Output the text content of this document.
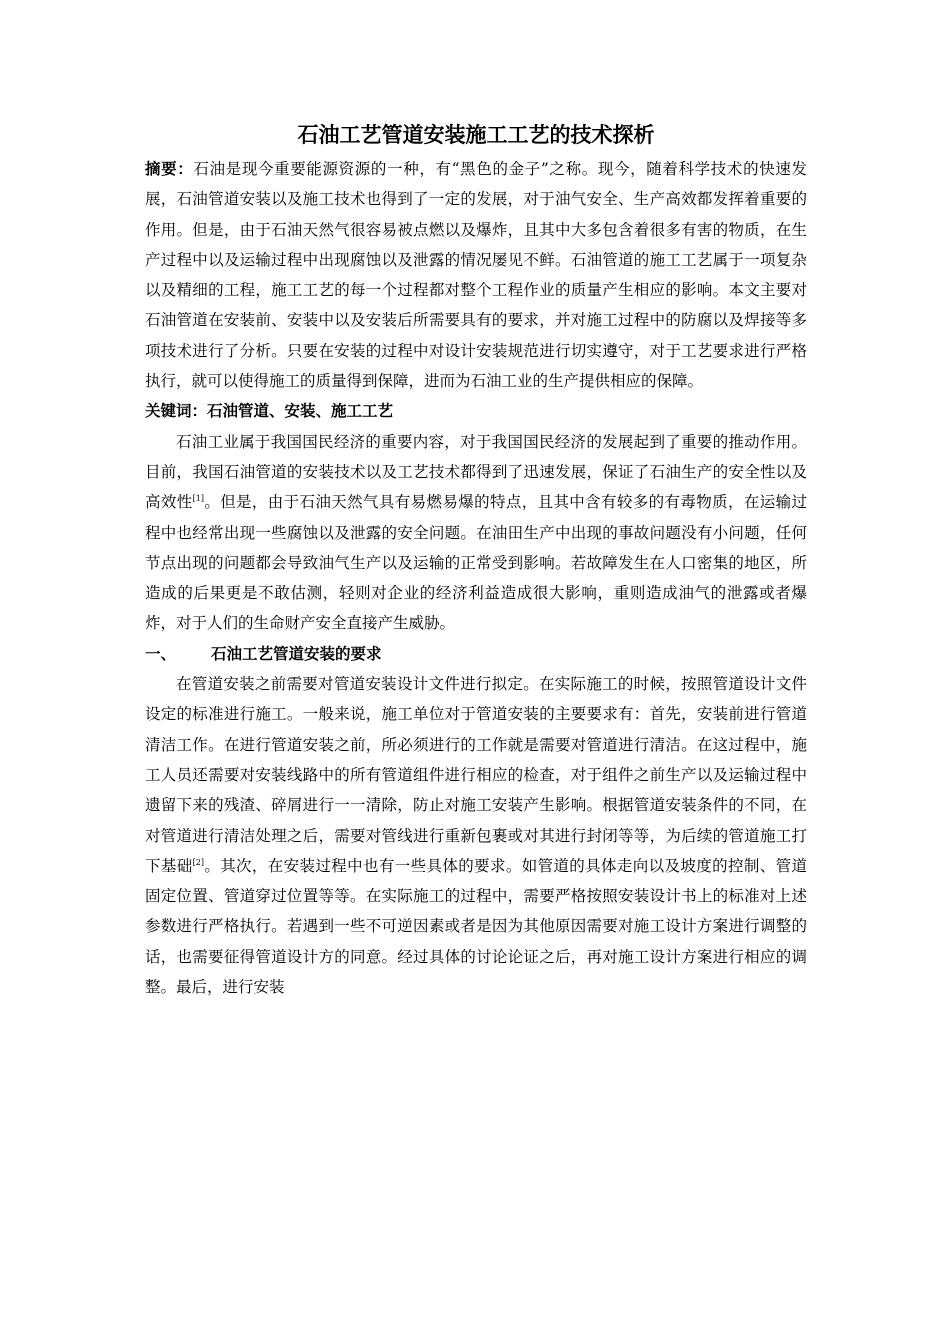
石油工艺管道安装施工工艺的技术探析

摘要：石油是现今重要能源资源的一种，有“黑色的金子”之称。现今，随着科学技术的快速发展，石油管道安装以及施工技术也得到了一定的发展，对于油气安全、生产高效都发挥着重要的作用。但是，由于石油天然气很容易被点燃以及爆炸，且其中大多包含着很多有害的物质，在生产过程中以及运输过程中出现腐蚀以及泄露的情况屡见不鲜。石油管道的施工工艺属于一项复杂以及精细的工程，施工工艺的每一个过程都对整个工程作业的质量产生相应的影响。本文主要对石油管道在安装前、安装中以及安装后所需要具有的要求，并对施工过程中的防腐以及焊接等多项技术进行了分析。只要在安装的过程中对设计安装规范进行切实遵守，对于工艺要求进行严格执行，就可以使得施工的质量得到保障，进而为石油工业的生产提供相应的保障。

关键词：石油管道、安装、施工工艺

石油工业属于我国国民经济的重要内容，对于我国国民经济的发展起到了重要的推动作用。目前，我国石油管道的安装技术以及工艺技术都得到了迅速发展，保证了石油生产的安全性以及高效性[1]。但是，由于石油天然气具有易燃易爆的特点，且其中含有较多的有毒物质，在运输过程中也经常出现一些腐蚀以及泄露的安全问题。在油田生产中出现的事故问题没有小问题，任何节点出现的问题都会导致油气生产以及运输的正常受到影响。若故障发生在人口密集的地区，所造成的后果更是不敢估测，轻则对企业的经济利益造成很大影响，重则造成油气的泄露或者爆炸，对于人们的生命财产安全直接产生威胁。

一、	石油工艺管道安装的要求

在管道安装之前需要对管道安装设计文件进行拟定。在实际施工的时候，按照管道设计文件设定的标准进行施工。一般来说，施工单位对于管道安装的主要要求有：首先，安装前进行管道清洁工作。在进行管道安装之前，所必须进行的工作就是需要对管道进行清洁。在这过程中，施工人员还需要对安装线路中的所有管道组件进行相应的检查，对于组件之前生产以及运输过程中遗留下来的残渣、碎屑进行一一清除，防止对施工安装产生影响。根据管道安装条件的不同，在对管道进行清洁处理之后，需要对管线进行重新包裹或对其进行封闭等等，为后续的管道施工打下基础[2]。其次，在安装过程中也有一些具体的要求。如管道的具体走向以及坡度的控制、管道固定位置、管道穿过位置等等。在实际施工的过程中，需要严格按照安装设计书上的标准对上述参数进行严格执行。若遇到一些不可逆因素或者是因为其他原因需要对施工设计方案进行调整的话，也需要征得管道设计方的同意。经过具体的讨论论证之后，再对施工设计方案进行相应的调整。最后，进行安装
